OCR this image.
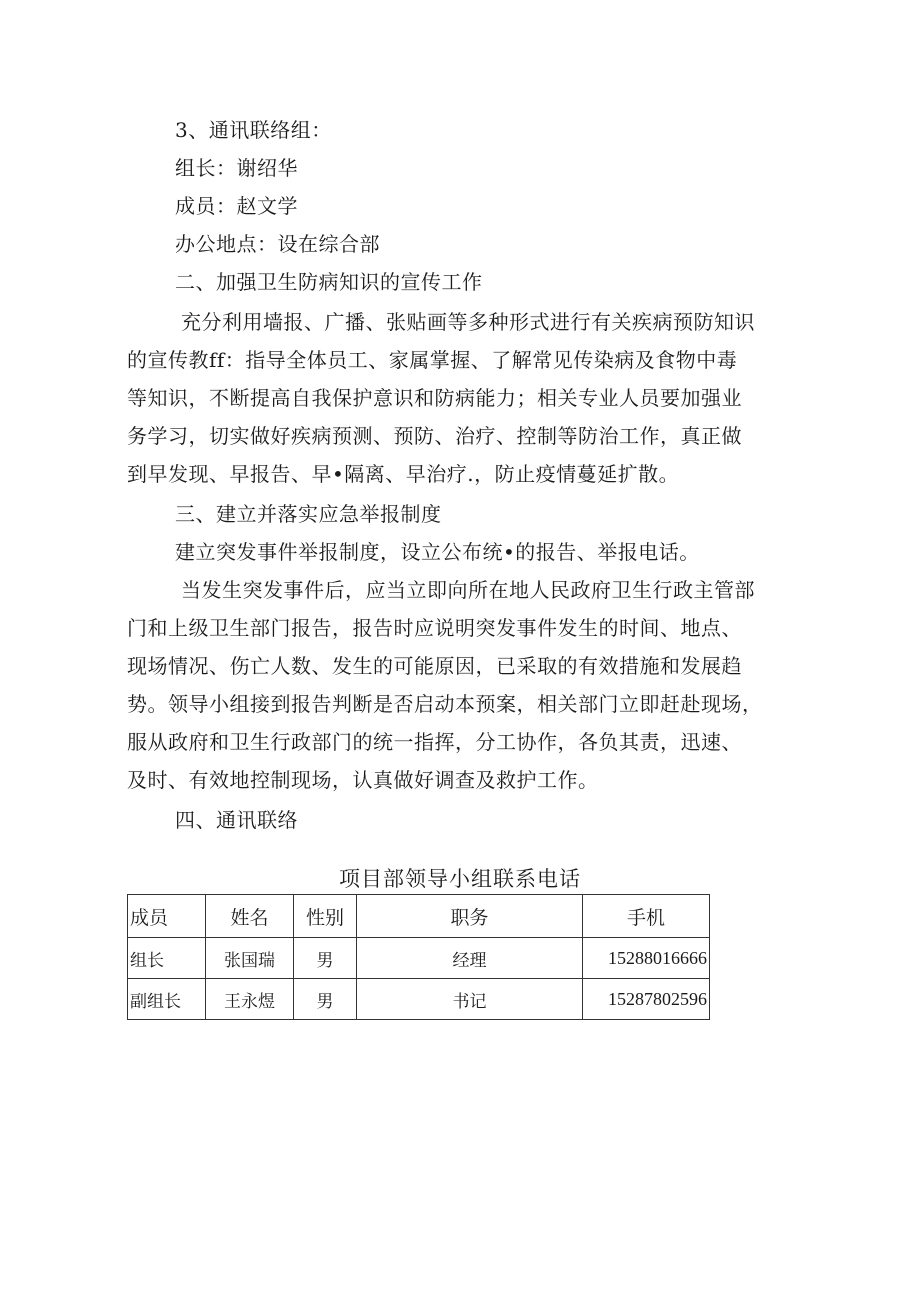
3、通讯联络组：
组长：谢绍华
成员：赵文学
办公地点：设在综合部
二、加强卫生防病知识的宣传工作
充分利用墙报、广播、张贴画等多种形式进行有关疾病预防知识
的宣传教ff：指导全体员工、家属掌握、了解常见传染病及食物中毒
等知识，不断提高自我保护意识和防病能力；相关专业人员要加强业
务学习，切实做好疾病预测、预防、治疗、控制等防治工作，真正做
到早发现、早报告、早•隔离、早治疗.，防止疫情蔓延扩散。
三、建立并落实应急举报制度
建立突发事件举报制度，设立公布统•的报告、举报电话。
当发生突发事件后，应当立即向所在地人民政府卫生行政主管部
门和上级卫生部门报告，报告时应说明突发事件发生的时间、地点、
现场情况、伤亡人数、发生的可能原因，已采取的有效措施和发展趋
势。领导小组接到报告判断是否启动本预案，相关部门立即赶赴现场，
服从政府和卫生行政部门的统一指挥，分工协作，各负其责，迅速、
及时、有效地控制现场，认真做好调查及救护工作。
四、通讯联络
项目部领导小组联系电话
成员	姓名	性别	职务	手机
组长	张国瑞	男	经理	15288016666
副组长	王永煜	男	书记	15287802596
